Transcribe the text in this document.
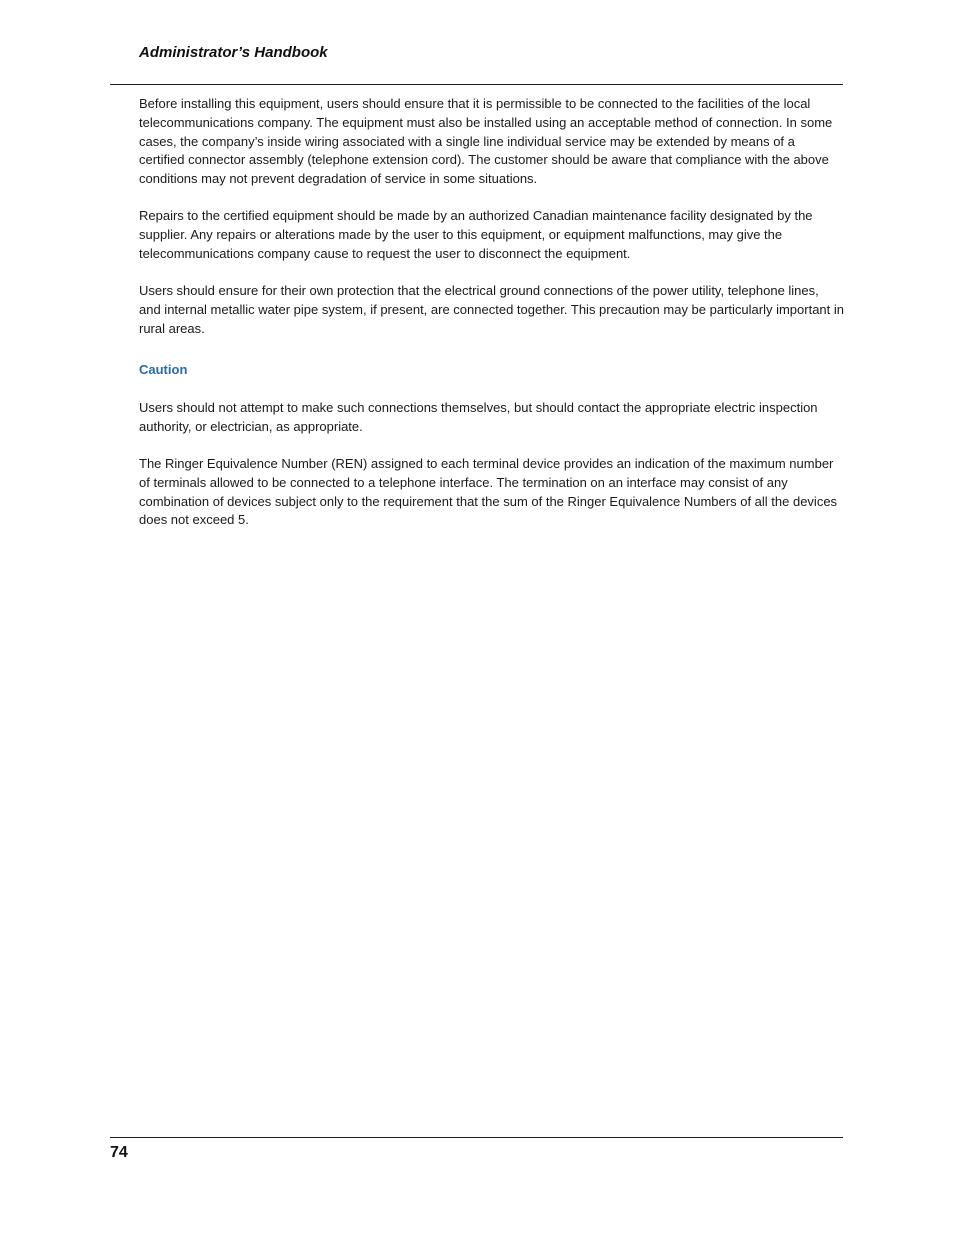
Administrator’s Handbook

Before installing this equipment, users should ensure that it is permissible to be connected to the facilities of the local telecommunications company. The equipment must also be installed using an acceptable method of connection. In some cases, the company’s inside wiring associated with a single line individual service may be extended by means of a certified connector assembly (telephone extension cord). The customer should be aware that compliance with the above conditions may not prevent degradation of service in some situations.

Repairs to the certified equipment should be made by an authorized Canadian maintenance facility designated by the supplier. Any repairs or alterations made by the user to this equipment, or equipment malfunctions, may give the telecommunications company cause to request the user to disconnect the equipment.

Users should ensure for their own protection that the electrical ground connections of the power utility, telephone lines, and internal metallic water pipe system, if present, are connected together. This precaution may be particularly important in rural areas.

Caution

Users should not attempt to make such connections themselves, but should contact the appropriate electric inspection authority, or electrician, as appropriate.

The Ringer Equivalence Number (REN) assigned to each terminal device provides an indication of the maximum number of terminals allowed to be connected to a telephone interface. The termination on an interface may consist of any combination of devices subject only to the requirement that the sum of the Ringer Equivalence Numbers of all the devices does not exceed 5.

74
